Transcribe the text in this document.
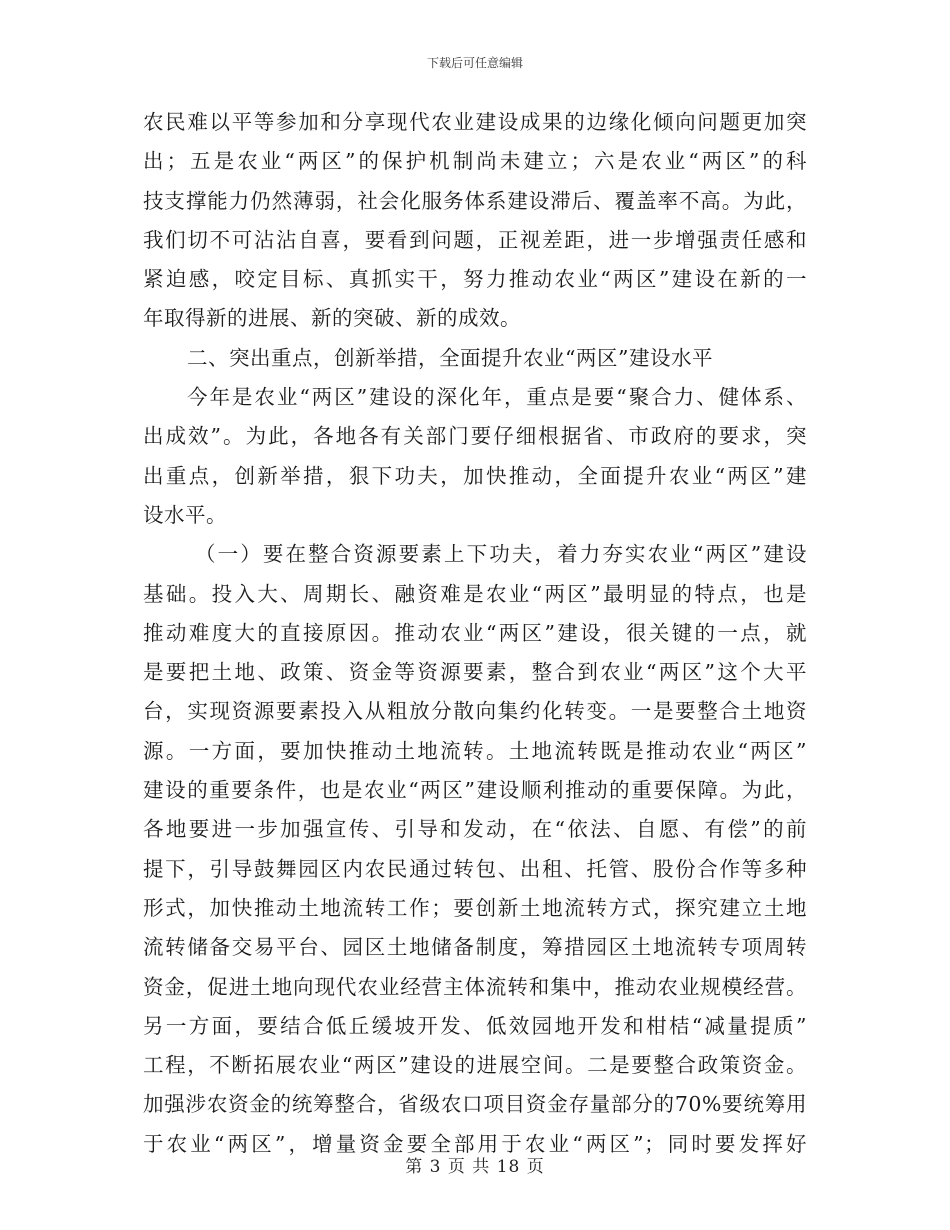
下载后可任意编辑
农民难以平等参加和分享现代农业建设成果的边缘化倾向问题更加突
出；五是农业“两区”的保护机制尚未建立；六是农业“两区”的科
技支撑能力仍然薄弱，社会化服务体系建设滞后、覆盖率不高。为此，
我们切不可沾沾自喜，要看到问题，正视差距，进一步增强责任感和
紧迫感，咬定目标、真抓实干，努力推动农业“两区”建设在新的一
年取得新的进展、新的突破、新的成效。
二、突出重点，创新举措，全面提升农业“两区”建设水平
今年是农业“两区”建设的深化年，重点是要“聚合力、健体系、
出成效”。为此，各地各有关部门要仔细根据省、市政府的要求，突
出重点，创新举措，狠下功夫，加快推动，全面提升农业“两区”建
设水平。
（一）要在整合资源要素上下功夫，着力夯实农业“两区”建设
基础。投入大、周期长、融资难是农业“两区”最明显的特点，也是
推动难度大的直接原因。推动农业“两区”建设，很关键的一点，就
是要把土地、政策、资金等资源要素，整合到农业“两区”这个大平
台，实现资源要素投入从粗放分散向集约化转变。一是要整合土地资
源。一方面，要加快推动土地流转。土地流转既是推动农业“两区”
建设的重要条件，也是农业“两区”建设顺利推动的重要保障。为此，
各地要进一步加强宣传、引导和发动，在“依法、自愿、有偿”的前
提下，引导鼓舞园区内农民通过转包、出租、托管、股份合作等多种
形式，加快推动土地流转工作；要创新土地流转方式，探究建立土地
流转储备交易平台、园区土地储备制度，筹措园区土地流转专项周转
资金，促进土地向现代农业经营主体流转和集中，推动农业规模经营。
另一方面，要结合低丘缓坡开发、低效园地开发和柑桔“减量提质”
工程，不断拓展农业“两区”建设的进展空间。二是要整合政策资金。
加强涉农资金的统筹整合，省级农口项目资金存量部分的70%要统筹用
于农业“两区”，增量资金要全部用于农业“两区”；同时要发挥好
第 3 页 共 18 页
